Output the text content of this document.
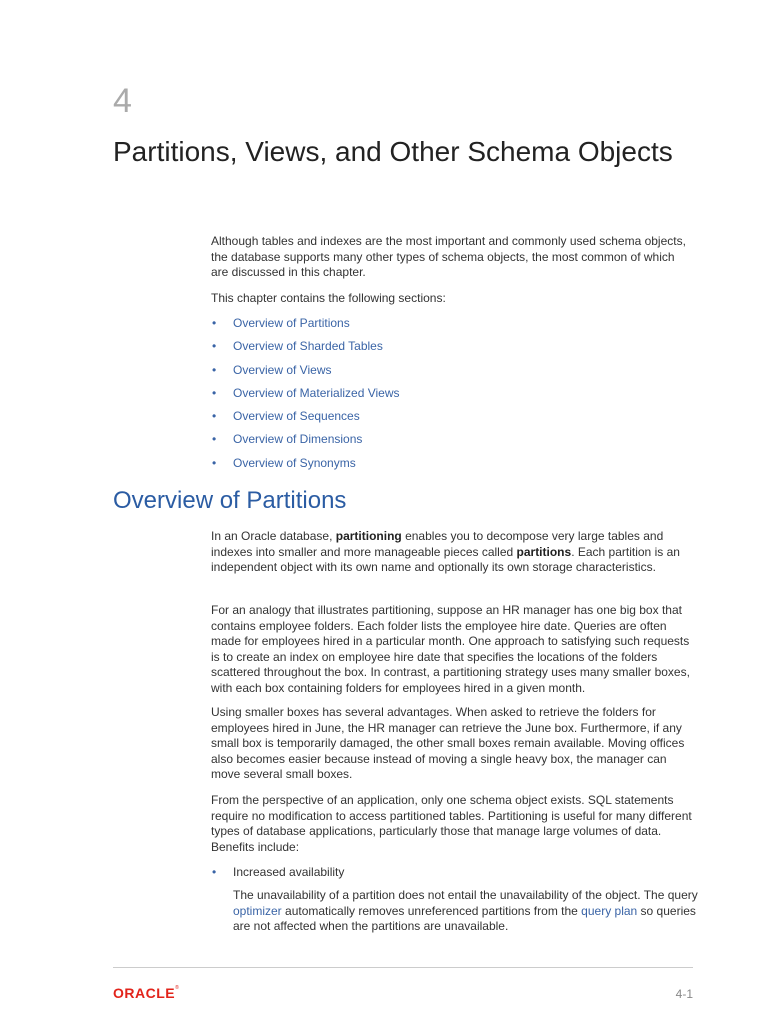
4
Partitions, Views, and Other Schema Objects

Although tables and indexes are the most important and commonly used schema objects, the database supports many other types of schema objects, the most common of which are discussed in this chapter.

This chapter contains the following sections:

• Overview of Partitions
• Overview of Sharded Tables
• Overview of Views
• Overview of Materialized Views
• Overview of Sequences
• Overview of Dimensions
• Overview of Synonyms
Overview of Partitions

In an Oracle database, partitioning enables you to decompose very large tables and indexes into smaller and more manageable pieces called partitions. Each partition is an independent object with its own name and optionally its own storage characteristics.

For an analogy that illustrates partitioning, suppose an HR manager has one big box that contains employee folders. Each folder lists the employee hire date. Queries are often made for employees hired in a particular month. One approach to satisfying such requests is to create an index on employee hire date that specifies the locations of the folders scattered throughout the box. In contrast, a partitioning strategy uses many smaller boxes, with each box containing folders for employees hired in a given month.

Using smaller boxes has several advantages. When asked to retrieve the folders for employees hired in June, the HR manager can retrieve the June box. Furthermore, if any small box is temporarily damaged, the other small boxes remain available. Moving offices also becomes easier because instead of moving a single heavy box, the manager can move several small boxes.

From the perspective of an application, only one schema object exists. SQL statements require no modification to access partitioned tables. Partitioning is useful for many different types of database applications, particularly those that manage large volumes of data. Benefits include:

• Increased availability

The unavailability of a partition does not entail the unavailability of the object. The query optimizer automatically removes unreferenced partitions from the query plan so queries are not affected when the partitions are unavailable.

ORACLE®	4-1
